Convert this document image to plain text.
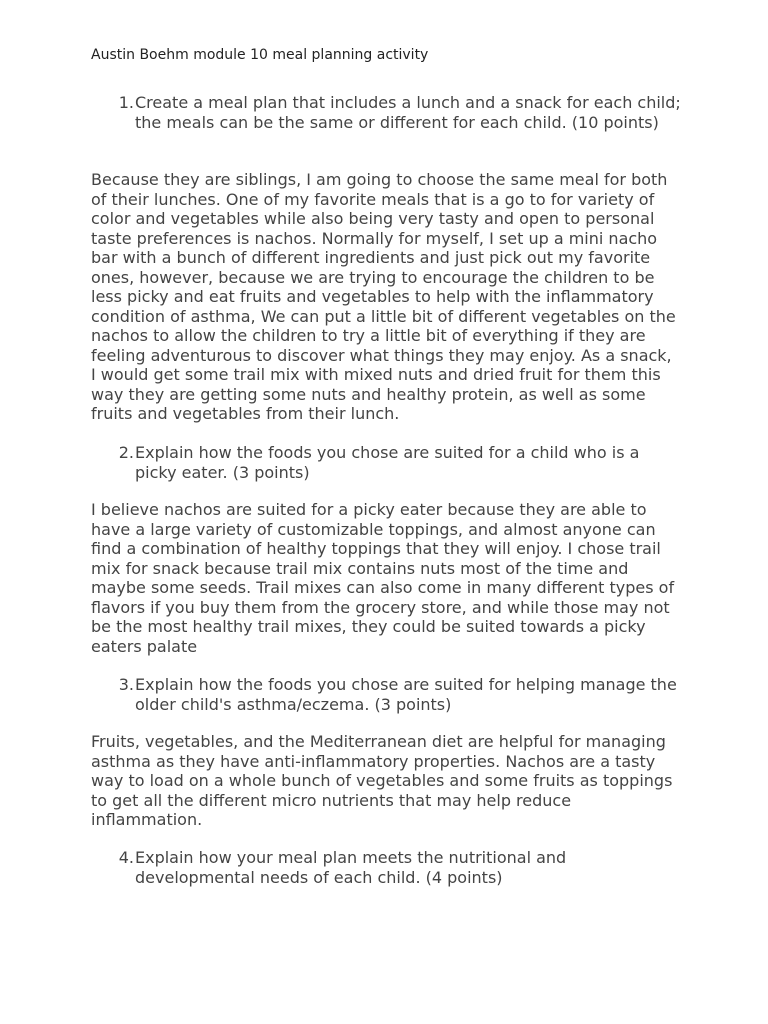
Austin Boehm module 10 meal planning activity
1. Create a meal plan that includes a lunch and a snack for each child; the meals can be the same or different for each child. (10 points)

Because they are siblings, I am going to choose the same meal for both of their lunches. One of my favorite meals that is a go to for variety of color and vegetables while also being very tasty and open to personal taste preferences is nachos. Normally for myself, I set up a mini nacho bar with a bunch of different ingredients and just pick out my favorite ones, however, because we are trying to encourage the children to be less picky and eat fruits and vegetables to help with the inflammatory condition of asthma, We can put a little bit of different vegetables on the nachos to allow the children to try a little bit of everything if they are feeling adventurous to discover what things they may enjoy. As a snack, I would get some trail mix with mixed nuts and dried fruit for them this way they are getting some nuts and healthy protein, as well as some fruits and vegetables from their lunch.

2. Explain how the foods you chose are suited for a child who is a picky eater. (3 points)

I believe nachos are suited for a picky eater because they are able to have a large variety of customizable toppings, and almost anyone can find a combination of healthy toppings that they will enjoy. I chose trail mix for snack because trail mix contains nuts most of the time and maybe some seeds. Trail mixes can also come in many different types of flavors if you buy them from the grocery store, and while those may not be the most healthy trail mixes, they could be suited towards a picky eaters palate

3. Explain how the foods you chose are suited for helping manage the older child's asthma/eczema. (3 points)

Fruits, vegetables, and the Mediterranean diet are helpful for managing asthma as they have anti-inflammatory properties. Nachos are a tasty way to load on a whole bunch of vegetables and some fruits as toppings to get all the different micro nutrients that may help reduce inflammation.

4. Explain how your meal plan meets the nutritional and developmental needs of each child. (4 points)
